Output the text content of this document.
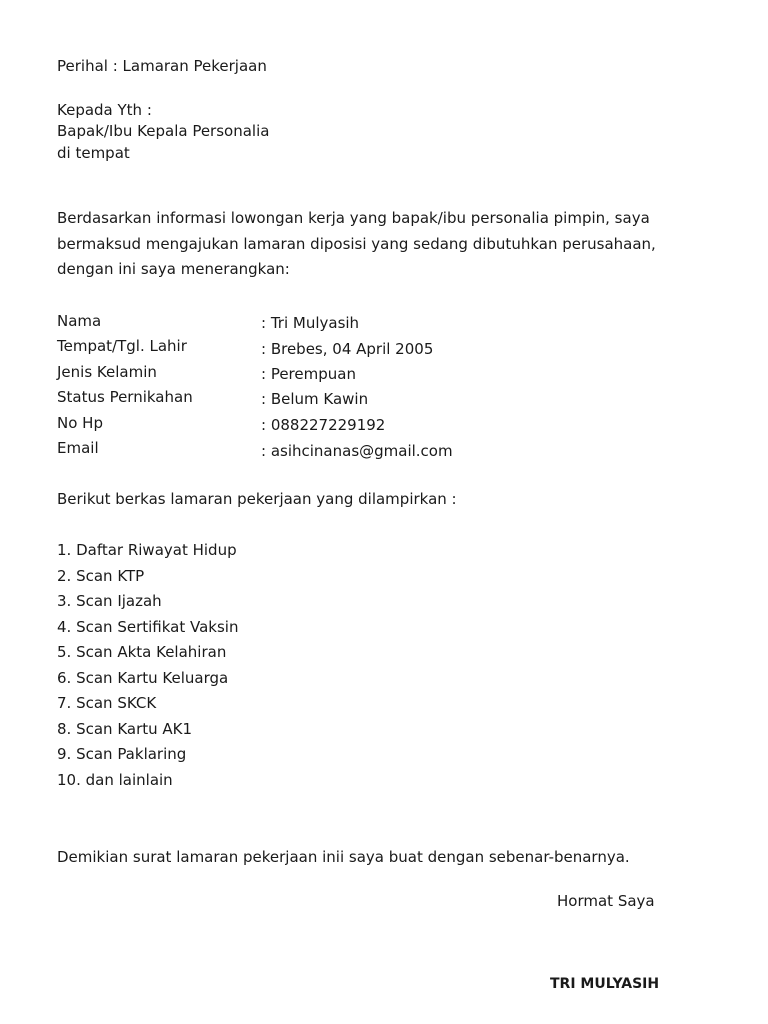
Perihal : Lamaran Pekerjaan
Kepada Yth :
Bapak/Ibu Kepala Personalia
di tempat
Berdasarkan informasi lowongan kerja yang bapak/ibu personalia pimpin, saya
bermaksud mengajukan lamaran diposisi yang sedang dibutuhkan perusahaan,
dengan ini saya menerangkan:
Nama	: Tri Mulyasih
Tempat/Tgl. Lahir	: Brebes, 04 April 2005
Jenis Kelamin	: Perempuan
Status Pernikahan	: Belum Kawin
No Hp	: 088227229192
Email	: asihcinanas@gmail.com
Berikut berkas lamaran pekerjaan yang dilampirkan :
1. Daftar Riwayat Hidup
2. Scan KTP
3. Scan Ijazah
4. Scan Sertifikat Vaksin
5. Scan Akta Kelahiran
6. Scan Kartu Keluarga
7. Scan SKCK
8. Scan Kartu AK1
9. Scan Paklaring
10. dan lainlain
Demikian surat lamaran pekerjaan inii saya buat dengan sebenar-benarnya.
Hormat Saya
TRI MULYASIH
